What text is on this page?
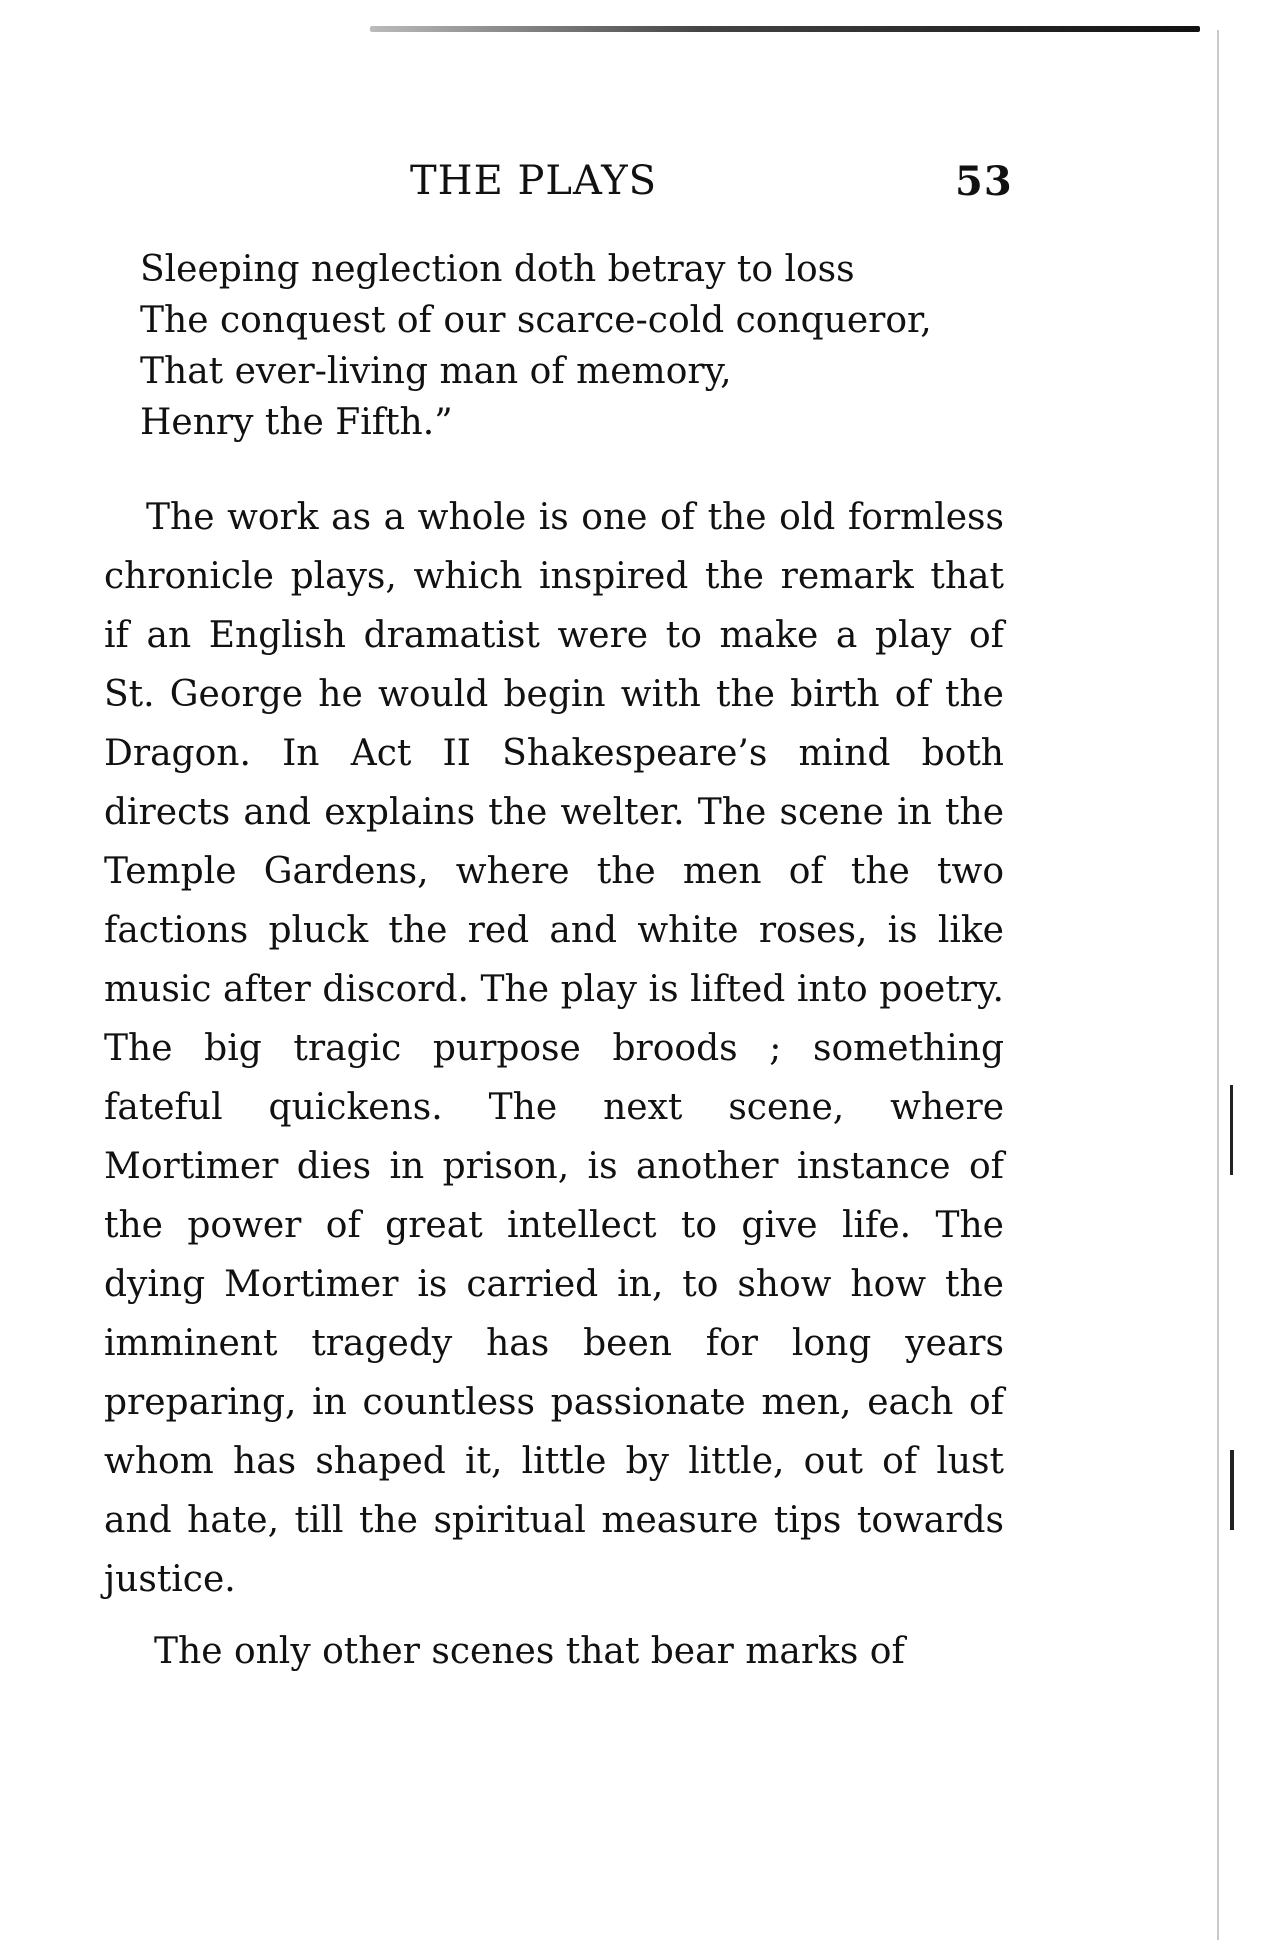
THE PLAYS	53
Sleeping neglection doth betray to loss
The conquest of our scarce-cold conqueror,
That ever-living man of memory,
Henry the Fifth.”

The work as a whole is one of the old formless chronicle plays, which inspired the remark that if an English dramatist were to make a play of St. George he would begin with the birth of the Dragon. In Act II Shakespeare’s mind both directs and explains the welter. The scene in the Temple Gardens, where the men of the two factions pluck the red and white roses, is like music after discord. The play is lifted into poetry. The big tragic purpose broods ; something fateful quickens. The next scene, where Mortimer dies in prison, is another instance of the power of great intellect to give life. The dying Mortimer is carried in, to show how the imminent tragedy has been for long years preparing, in countless passionate men, each of whom has shaped it, little by little, out of lust and hate, till the spiritual measure tips towards justice.

The only other scenes that bear marks of
